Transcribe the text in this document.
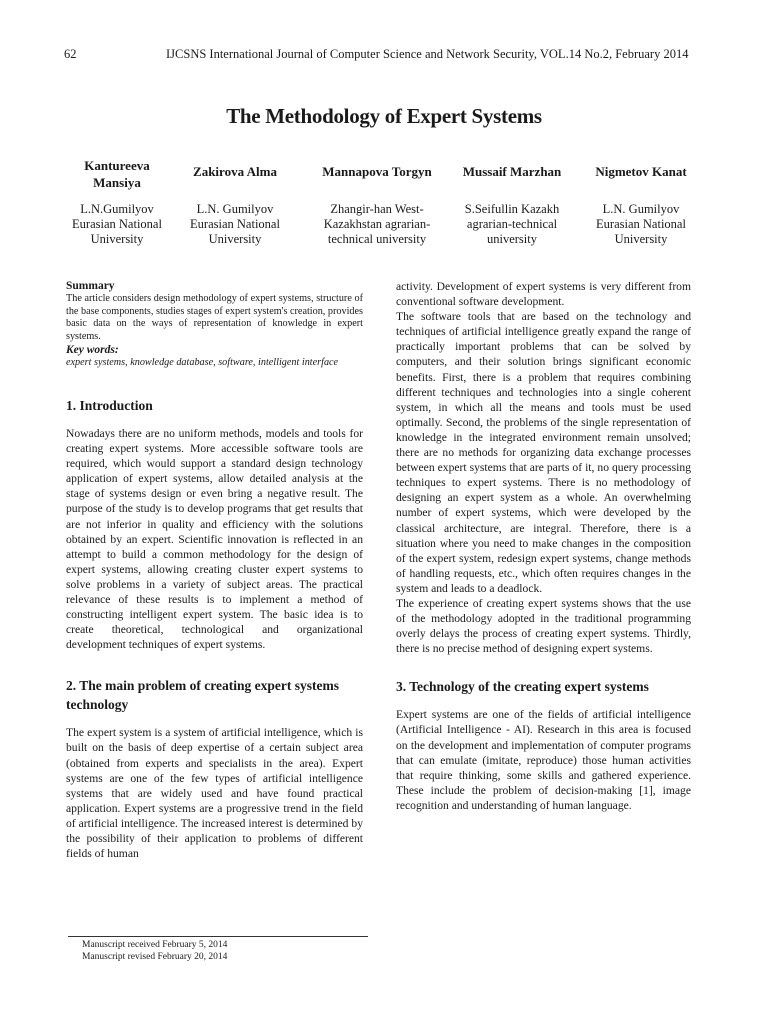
62	IJCSNS International Journal of Computer Science and Network Security, VOL.14 No.2, February 2014
The Methodology of Expert Systems
Kantureeva Mansiya
L.N.Gumilyov Eurasian National University
Zakirova Alma
L.N. Gumilyov Eurasian National University
Mannapova Torgyn
Zhangir-han West-Kazakhstan agrarian-technical university
Mussaif Marzhan
S.Seifullin Kazakh agrarian-technical university
Nigmetov Kanat
L.N. Gumilyov Eurasian National University
Summary
The article considers design methodology of expert systems, structure of the base components, studies stages of expert system's creation, provides basic data on the ways of representation of knowledge in expert systems.
Key words:
expert systems, knowledge database, software, intelligent interface
1. Introduction
Nowadays there are no uniform methods, models and tools for creating expert systems. More accessible software tools are required, which would support a standard design technology application of expert systems, allow detailed analysis at the stage of systems design or even bring a negative result. The purpose of the study is to develop programs that get results that are not inferior in quality and efficiency with the solutions obtained by an expert. Scientific innovation is reflected in an attempt to build a common methodology for the design of expert systems, allowing creating cluster expert systems to solve problems in a variety of subject areas. The practical relevance of these results is to implement a method of constructing intelligent expert system. The basic idea is to create theoretical, technological and organizational development techniques of expert systems.
2. The main problem of creating expert systems technology
The expert system is a system of artificial intelligence, which is built on the basis of deep expertise of a certain subject area (obtained from experts and specialists in the area). Expert systems are one of the few types of artificial intelligence systems that are widely used and have found practical application. Expert systems are a progressive trend in the field of artificial intelligence. The increased interest is determined by the possibility of their application to problems of different fields of human
activity. Development of expert systems is very different from conventional software development.
The software tools that are based on the technology and techniques of artificial intelligence greatly expand the range of practically important problems that can be solved by computers, and their solution brings significant economic benefits. First, there is a problem that requires combining different techniques and technologies into a single coherent system, in which all the means and tools must be used optimally. Second, the problems of the single representation of knowledge in the integrated environment remain unsolved; there are no methods for organizing data exchange processes between expert systems that are parts of it, no query processing techniques to expert systems. There is no methodology of designing an expert system as a whole. An overwhelming number of expert systems, which were developed by the classical architecture, are integral. Therefore, there is a situation where you need to make changes in the composition of the expert system, redesign expert systems, change methods of handling requests, etc., which often requires changes in the system and leads to a deadlock.
The experience of creating expert systems shows that the use of the methodology adopted in the traditional programming overly delays the process of creating expert systems. Thirdly, there is no precise method of designing expert systems.
3. Technology of the creating expert systems
Expert systems are one of the fields of artificial intelligence (Artificial Intelligence - AI). Research in this area is focused on the development and implementation of computer programs that can emulate (imitate, reproduce) those human activities that require thinking, some skills and gathered experience. These include the problem of decision-making [1], image recognition and understanding of human language.
Manuscript received February 5, 2014
Manuscript revised February 20, 2014
